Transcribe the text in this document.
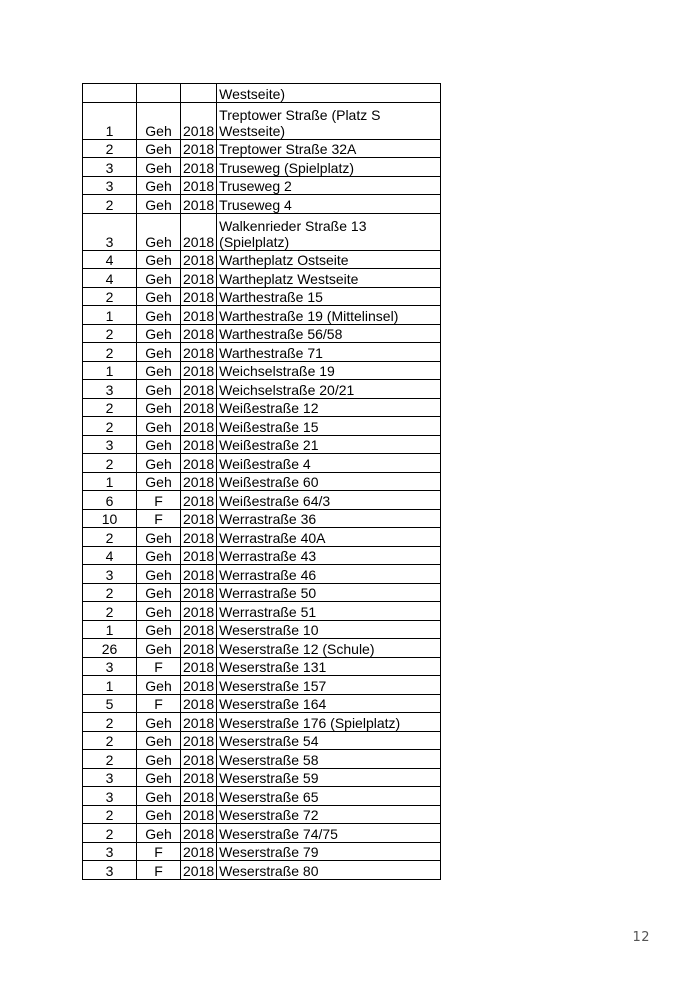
			Westseite)
1	Geh	2018	Treptower Straße (Platz S Westseite)
2	Geh	2018	Treptower Straße 32A
3	Geh	2018	Truseweg (Spielplatz)
3	Geh	2018	Truseweg 2
2	Geh	2018	Truseweg 4
3	Geh	2018	Walkenrieder Straße 13 (Spielplatz)
4	Geh	2018	Wartheplatz Ostseite
4	Geh	2018	Wartheplatz Westseite
2	Geh	2018	Warthestraße 15
1	Geh	2018	Warthestraße 19 (Mittelinsel)
2	Geh	2018	Warthestraße 56/58
2	Geh	2018	Warthestraße 71
1	Geh	2018	Weichselstraße 19
3	Geh	2018	Weichselstraße 20/21
2	Geh	2018	Weißestraße 12
2	Geh	2018	Weißestraße 15
3	Geh	2018	Weißestraße 21
2	Geh	2018	Weißestraße 4
1	Geh	2018	Weißestraße 60
6	F	2018	Weißestraße 64/3
10	F	2018	Werrastraße 36
2	Geh	2018	Werrastraße 40A
4	Geh	2018	Werrastraße 43
3	Geh	2018	Werrastraße 46
2	Geh	2018	Werrastraße 50
2	Geh	2018	Werrastraße 51
1	Geh	2018	Weserstraße 10
26	Geh	2018	Weserstraße 12 (Schule)
3	F	2018	Weserstraße 131
1	Geh	2018	Weserstraße 157
5	F	2018	Weserstraße 164
2	Geh	2018	Weserstraße 176 (Spielplatz)
2	Geh	2018	Weserstraße 54
2	Geh	2018	Weserstraße 58
3	Geh	2018	Weserstraße 59
3	Geh	2018	Weserstraße 65
2	Geh	2018	Weserstraße 72
2	Geh	2018	Weserstraße 74/75
3	F	2018	Weserstraße 79
3	F	2018	Weserstraße 80
12
